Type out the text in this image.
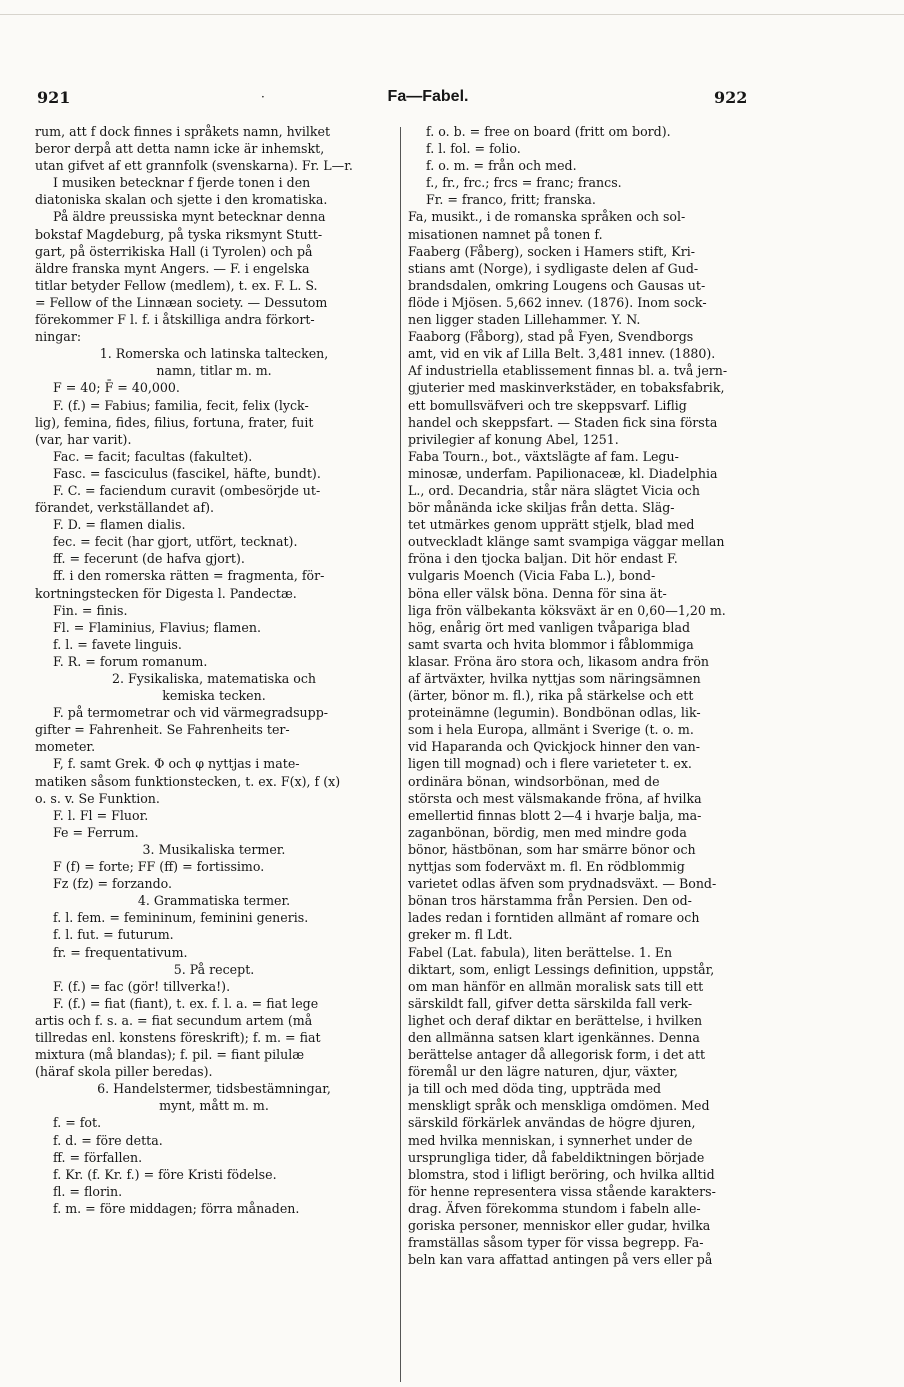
921	·	Fa—Fabel.	922
rum, att f dock finnes i språkets namn, hvilket
beror derpå att detta namn icke är inhemskt,
utan gifvet af ett grannfolk (svenskarna). Fr. L—r.
I musiken betecknar f fjerde tonen i den
diatoniska skalan och sjette i den kromatiska.
På äldre preussiska mynt betecknar denna
bokstaf Magdeburg, på tyska riksmynt Stutt-
gart, på österrikiska Hall (i Tyrolen) och på
äldre franska mynt Angers. — F. i engelska
titlar betyder Fellow (medlem), t. ex. F. L. S.
= Fellow of the Linnæan society. — Dessutom
förekommer F l. f. i åtskilliga andra förkort-
ningar:
1. Romerska och latinska taltecken,
namn, titlar m. m.
F = 40; F̄ = 40,000.
F. (f.) = Fabius; familia, fecit, felix (lyck-
lig), femina, fides, filius, fortuna, frater, fuit
(var, har varit).
Fac. = facit; facultas (fakultet).
Fasc. = fasciculus (fascikel, häfte, bundt).
F. C. = faciendum curavit (ombesörjde ut-
förandet, verkställandet af).
F. D. = flamen dialis.
fec. = fecit (har gjort, utfört, tecknat).
ff. = fecerunt (de hafva gjort).
ff. i den romerska rätten = fragmenta, för-
kortningstecken för Digesta l. Pandectæ.
Fin. = finis.
Fl. = Flaminius, Flavius; flamen.
f. l. = favete linguis.
F. R. = forum romanum.
2. Fysikaliska, matematiska och
kemiska tecken.
F. på termometrar och vid värmegradsupp-
gifter = Fahrenheit. Se Fahrenheits ter-
mometer.
F, f. samt Grek. Φ och φ nyttjas i mate-
matiken såsom funktionstecken, t. ex. F(x), f (x)
o. s. v. Se Funktion.
F. l. Fl = Fluor.
Fe = Ferrum.
3. Musikaliska termer.
F (f) = forte; FF (ff) = fortissimo.
Fz (fz) = forzando.
4. Grammatiska termer.
f. l. fem. = femininum, feminini generis.
f. l. fut. = futurum.
fr. = frequentativum.
5. På recept.
F. (f.) = fac (gör! tillverka!).
F. (f.) = fiat (fiant), t. ex. f. l. a. = fiat lege
artis och f. s. a. = fiat secundum artem (må
tillredas enl. konstens föreskrift); f. m. = fiat
mixtura (må blandas); f. pil. = fiant pilulæ
(häraf skola piller beredas).
6. Handelstermer, tidsbestämningar,
mynt, mått m. m.
f. = fot.
f. d. = före detta.
ff. = förfallen.
f. Kr. (f. Kr. f.) = före Kristi födelse.
fl. = florin.
f. m. = före middagen; förra månaden.
f. o. b. = free on board (fritt om bord).
f. l. fol. = folio.
f. o. m. = från och med.
f., fr., frc.; frcs = franc; francs.
Fr. = franco, fritt; franska.
Fa, musikt., i de romanska språken och sol-
misationen namnet på tonen f.
Faaberg (Fåberg), socken i Hamers stift, Kri-
stians amt (Norge), i sydligaste delen af Gud-
brandsdalen, omkring Lougens och Gausas ut-
flöde i Mjösen. 5,662 innev. (1876). Inom sock-
nen ligger staden Lillehammer. Y. N.
Faaborg (Fåborg), stad på Fyen, Svendborgs
amt, vid en vik af Lilla Belt. 3,481 innev. (1880).
Af industriella etablissement finnas bl. a. två jern-
gjuterier med maskinverkstäder, en tobaksfabrik,
ett bomullsväfveri och tre skeppsvarf. Liflig
handel och skeppsfart. — Staden fick sina första
privilegier af konung Abel, 1251.
Faba Tourn., bot., växtslägte af fam. Legu-
minosæ, underfam. Papilionaceæ, kl. Diadelphia
L., ord. Decandria, står nära slägtet Vicia och
bör månända icke skiljas från detta. Släg-
tet utmärkes genom upprätt stjelk, blad med
outveckladt klänge samt svampiga väggar mellan
fröna i den tjocka baljan. Dit hör endast F.
vulgaris Moench (Vicia Faba L.), bond-
böna eller välsk böna. Denna för sina ät-
liga frön välbekanta köksväxt är en 0,60—1,20 m.
hög, enårig ört med vanligen tvåpariga blad
samt svarta och hvita blommor i fåblommiga
klasar. Fröna äro stora och, likasom andra frön
af ärtväxter, hvilka nyttjas som näringsämnen
(ärter, bönor m. fl.), rika på stärkelse och ett
proteinämne (legumin). Bondbönan odlas, lik-
som i hela Europa, allmänt i Sverige (t. o. m.
vid Haparanda och Qvickjock hinner den van-
ligen till mognad) och i flere varieteter t. ex.
ordinära bönan, windsorbönan, med de
största och mest välsmakande fröna, af hvilka
emellertid finnas blott 2—4 i hvarje balja, ma-
zaganbönan, bördig, men med mindre goda
bönor, hästbönan, som har smärre bönor och
nyttjas som foderväxt m. fl. En rödblommig
varietet odlas äfven som prydnadsväxt. — Bond-
bönan tros härstamma från Persien. Den od-
lades redan i forntiden allmänt af romare och
greker m. fl Ldt.
Fabel (Lat. fabula), liten berättelse. 1. En
diktart, som, enligt Lessings definition, uppstår,
om man hänför en allmän moralisk sats till ett
särskildt fall, gifver detta särskilda fall verk-
lighet och deraf diktar en berättelse, i hvilken
den allmänna satsen klart igenkännes. Denna
berättelse antager då allegorisk form, i det att
föremål ur den lägre naturen, djur, växter,
ja till och med döda ting, uppträda med
menskligt språk och menskliga omdömen. Med
särskild förkärlek användas de högre djuren,
med hvilka menniskan, i synnerhet under de
ursprungliga tider, då fabeldiktningen började
blomstra, stod i lifligt beröring, och hvilka alltid
för henne representera vissa stående karakters-
drag. Äfven förekomma stundom i fabeln alle-
goriska personer, menniskor eller gudar, hvilka
framställas såsom typer för vissa begrepp. Fa-
beln kan vara affattad antingen på vers eller på
